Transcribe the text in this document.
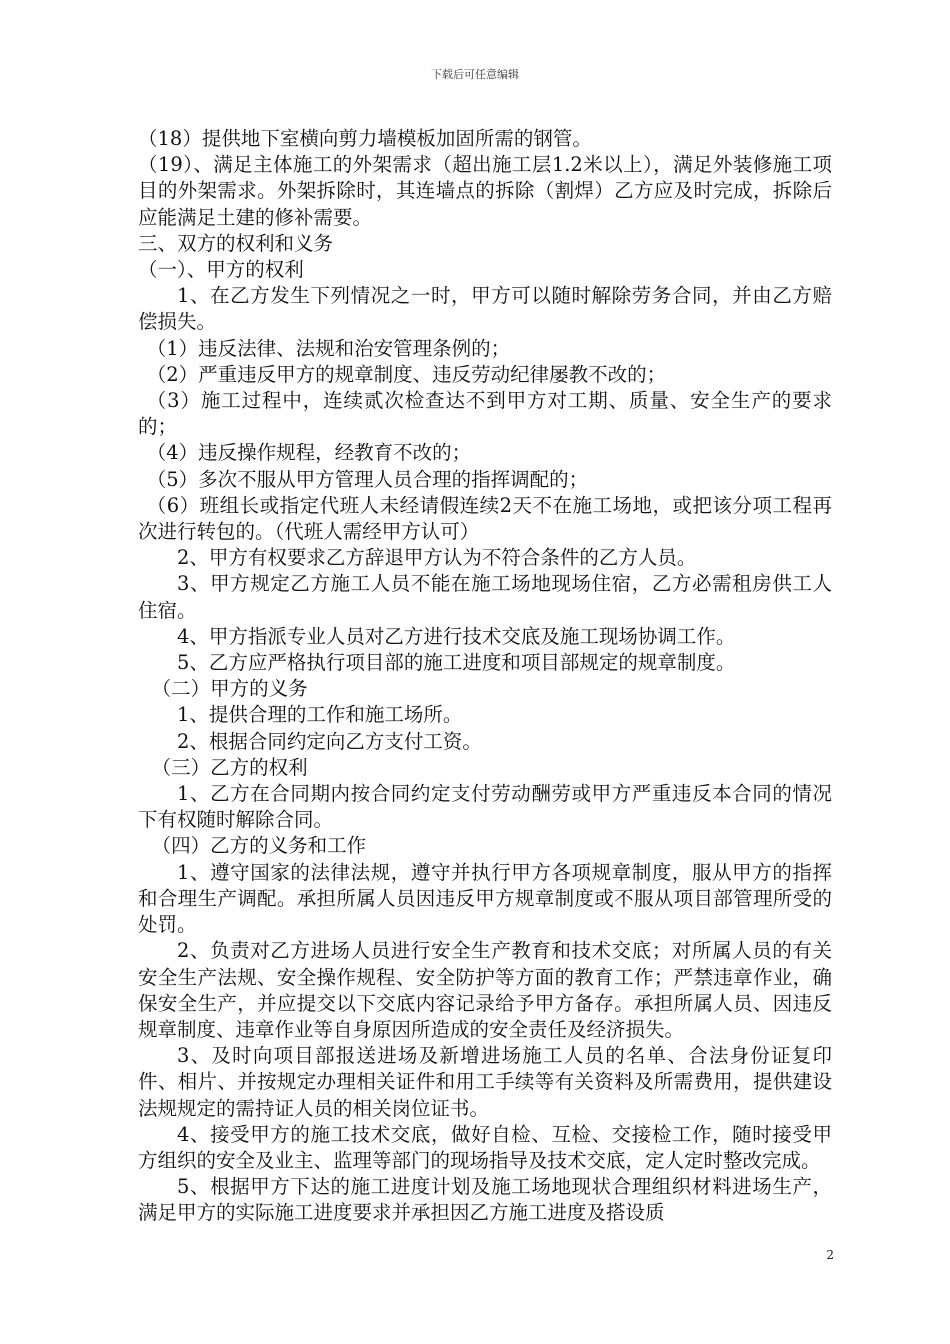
下载后可任意编辑

（18）提供地下室横向剪力墙模板加固所需的钢管。

（19）、满足主体施工的外架需求（超出施工层1.2米以上），满足外装修施工项目的外架需求。外架拆除时，其连墙点的拆除（割焊）乙方应及时完成，拆除后应能满足土建的修补需要。

三、双方的权利和义务

（一）、甲方的权利

1、在乙方发生下列情况之一时，甲方可以随时解除劳务合同，并由乙方赔偿损失。

（1）违反法律、法规和治安管理条例的；

（2）严重违反甲方的规章制度、违反劳动纪律屡教不改的；

（3）施工过程中，连续贰次检查达不到甲方对工期、质量、安全生产的要求的；

（4）违反操作规程，经教育不改的；

（5）多次不服从甲方管理人员合理的指挥调配的；

（6）班组长或指定代班人未经请假连续2天不在施工场地，或把该分项工程再次进行转包的。（代班人需经甲方认可）

2、甲方有权要求乙方辞退甲方认为不符合条件的乙方人员。

3、甲方规定乙方施工人员不能在施工场地现场住宿，乙方必需租房供工人住宿。

4、甲方指派专业人员对乙方进行技术交底及施工现场协调工作。

5、乙方应严格执行项目部的施工进度和项目部规定的规章制度。

（二）甲方的义务

1、提供合理的工作和施工场所。

2、根据合同约定向乙方支付工资。

（三）乙方的权利

1、乙方在合同期内按合同约定支付劳动酬劳或甲方严重违反本合同的情况下有权随时解除合同。

（四）乙方的义务和工作

1、遵守国家的法律法规，遵守并执行甲方各项规章制度，服从甲方的指挥和合理生产调配。承担所属人员因违反甲方规章制度或不服从项目部管理所受的处罚。

2、负责对乙方进场人员进行安全生产教育和技术交底；对所属人员的有关安全生产法规、安全操作规程、安全防护等方面的教育工作；严禁违章作业，确保安全生产，并应提交以下交底内容记录给予甲方备存。承担所属人员、因违反规章制度、违章作业等自身原因所造成的安全责任及经济损失。

3、及时向项目部报送进场及新增进场施工人员的名单、合法身份证复印件、相片、并按规定办理相关证件和用工手续等有关资料及所需费用，提供建设法规规定的需持证人员的相关岗位证书。

4、接受甲方的施工技术交底，做好自检、互检、交接检工作，随时接受甲方组织的安全及业主、监理等部门的现场指导及技术交底，定人定时整改完成。

5、根据甲方下达的施工进度计划及施工场地现状合理组织材料进场生产，满足甲方的实际施工进度要求并承担因乙方施工进度及搭设质

2
